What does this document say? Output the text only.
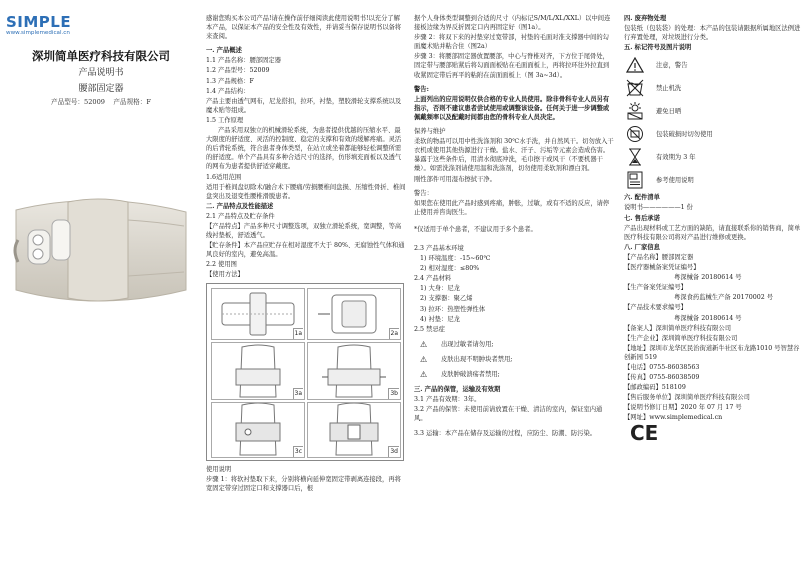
SIMPLE
www.simplemedical.cn
深圳简单医疗科技有限公司
产品说明书
腰部固定器
产品型号：52009 产品规格：F

感谢您购买本公司产品!请在操作前仔细阅读此使用说明书!以充分了解本产品，以保证本产品的安全性及有效性，并请妥当保存说明书以备将来查阅。

一. 产品概述

1.1 产品名称：腰部固定器

1.2 产品型号：52009

1.3 产品规格：F

1.4 产品结构：

产品主要由透气网布，尼龙搭扣，拉环，衬垫，塑胶滑轮支撑系统以及魔术贴等组成。

1.5 工作原理

产品采用双独立的机械滑轮系统，为患者提供优越的压缩水平、最大限度的舒适度、灵活的控制度、稳定的支撑和有效的缓解疼痛。灵活的后背轮系统，符合患者身体类型，在站立或坐着都能够轻松调整所需的舒适度。单个产品具有多种合适尺寸的选择，仿形填充面板以及透气的网布为患者提供舒适穿戴度。

1.6适用范围

适用于椎间盘切除术/融合术下腰痛/劳损腰椎间盘损、压缩性骨折、椎间盘突出及退变性腰椎滑脱患者。

二. 产品特点及性能描述

2.1 产品特点及贮存条件

【产品特点】产品多种尺寸调整选项，双独立滑轮系统，宽调整，等高线衬垫板，舒适透气。

【贮存条件】本产品应贮存在相对湿度不大于 80%、无腐蚀性气体和通风良好的室内，避免高温。

2.2 使用图

【使用方法】

1a	2a
3a	3b
3c	3d

使用说明

步骤 1：将软衬垫取下来，分别将横向延伸宽固定带剥离连接段，再将宽固定带穿过固定口和支撑器口后，根

据个人身体类型调整到合适的尺寸（内标记S/M/L/XL/XXL）以中间连接板边缘为界反折固定口内再固定好（图1a）。

步骤 2：将双下来的衬垫穿过宽带部，衬垫的毛面对准支撑器中间的勾面魔术贴并粘合住（图2a）

步骤 3：将腰部固定器放置腰部，中心与脊椎对齐，下方位于尾骨处，固定带与腰部贴紧后将勾面面板贴在毛面面板上，再将拉环往外拉直到收紧固定带后再平的粘附在前面面板上（图 3a~3d）。

警告:

上面列出的应用说明仅供合格的专业人员使用。除非骨科专业人员另有指示，否则不建议患者尝试使用或调整该设备。任何关于进一步调整或佩戴频率以及配戴时间都由您的骨科专业人员决定。

保养与维护

柔软的物品可以用中性洗涤剂和 30℃水手洗，并自然风干。切勿放入干衣机或使用其他热源进行干燥。盐水、汗子、污垢等元素会造成伤害。暴露于这些条件后，用清水彻底冲洗，毛巾擦干或风干（不要机器干燥）。如需洗涤剂请使用温和洗涤剂，切勿使用柔软剂和漂白剂。

刚性部件可用湿布擦拭干净。

警告：

如果您在使用此产品时感到疼痛，肿胀，过敏，或有不适的反应，请停止使用并咨询医生。

*仅适用于单个患者，不建议用于多个患者。

2.3 产品基本环境

1) 环境温度：-15~60℃

2) 相对湿度：≤80%

2.4 产品材料

1) 大身：尼龙

2) 支撑器：聚乙烯

3) 拉环：热塑性弹性体

4) 衬垫：尼龙

2.5 禁忌症

⚠ 出现过敏者请勿用;
⚠ 皮肤出现不明肿块者禁用;
⚠ 皮肤肿破溃疡者禁用;

三. 产品的保管，运输及有效期

3.1 产品有效期：3年。

3.2 产品的保管：未使用前请放置在干燥、清洁的室内，保证室内通风。

3.3 运输：本产品在储存及运输的过程，应防尘、防潮、防污染。

四. 废弃物处理

包装纸（包装袋）的处理：本产品的包装请跟据所属地区法例进行弃置处理，对垃圾进行分类。

五. 标记符号及图片说明

注意，警告
禁止机洗
避免日晒
包装破损时切勿使用
有效期为 3 年
参考使用说明

六. 配件清单

说明书——————1 份

七. 售后承诺

产品出现材料或工艺方面的缺陷，请直接联系你的销售商，简单医疗科技有限公司将对产品进行维修或更换。

八. 厂家信息

【产品名称】腰部固定器

【医疗器械备案凭证编号】

粤深械备 20180614 号

【生产备案凭证编号】

粤深食药监械生产备 20170002 号

【产品技术要求编号】

粤深械备 20180614 号

【备案人】深圳简单医疗科技有限公司

【生产企业】深圳简单医疗科技有限公司

【地址】深圳市龙华区民治街道新牛社区布龙路1010 号智慧谷创新园 519

【电话】0755-86038563

【传真】0755-86038509

【邮政编码】518109

【售后服务单位】深圳简单医疗科技有限公司

【说明书修订日期】2020 年 07 月 17 号

【网址】www.simplemedical.cn

CE
